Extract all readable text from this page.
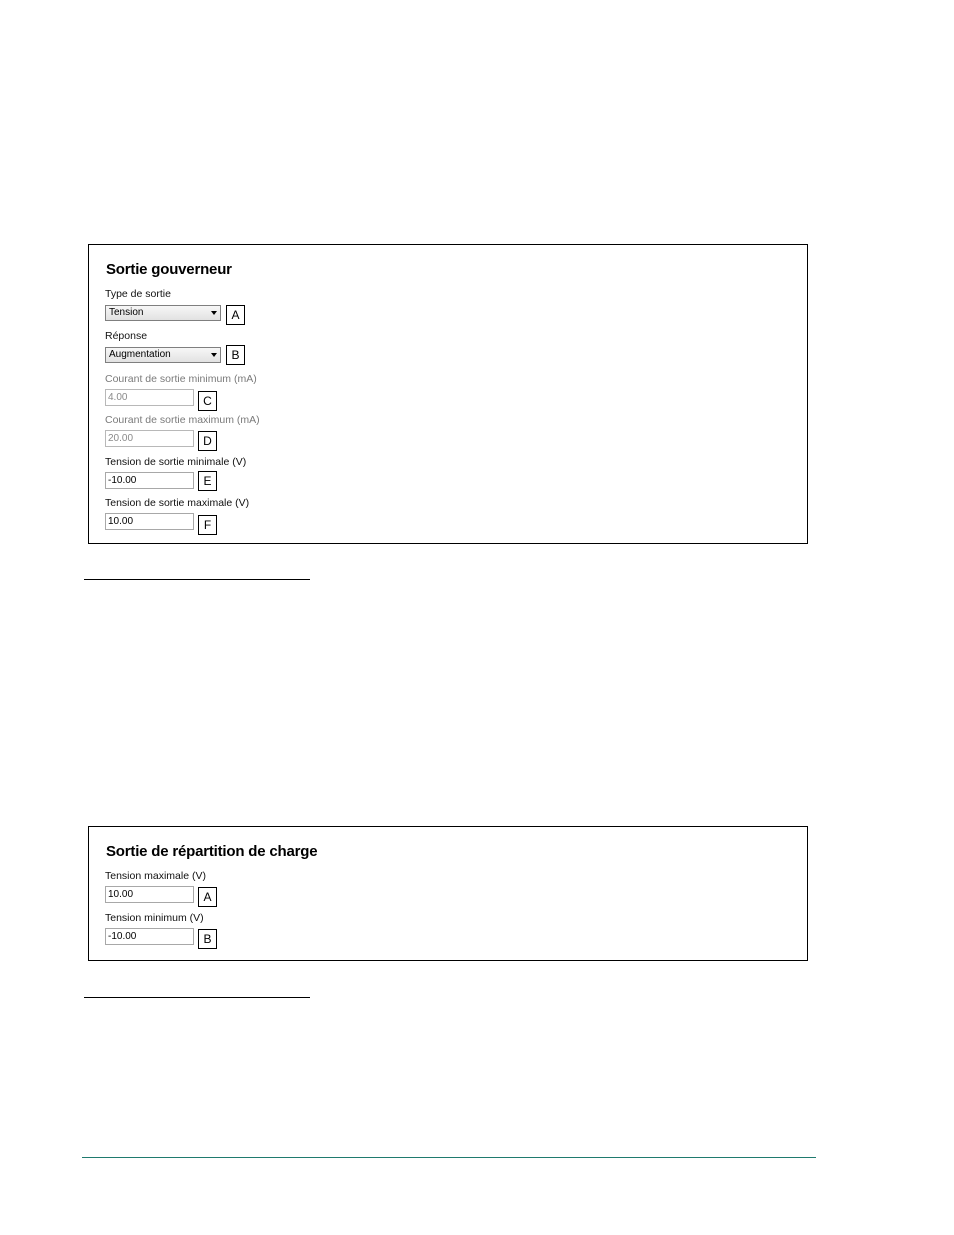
Sortie gouverneur
Type de sortie
Tension	A
Réponse
Augmentation	B
Courant de sortie minimum (mA)
4.00	C
Courant de sortie maximum (mA)
20.00	D
Tension de sortie minimale (V)
-10.00	E
Tension de sortie maximale (V)
10.00	F
Sortie de répartition de charge
Tension maximale (V)
10.00	A
Tension minimum (V)
-10.00	B
